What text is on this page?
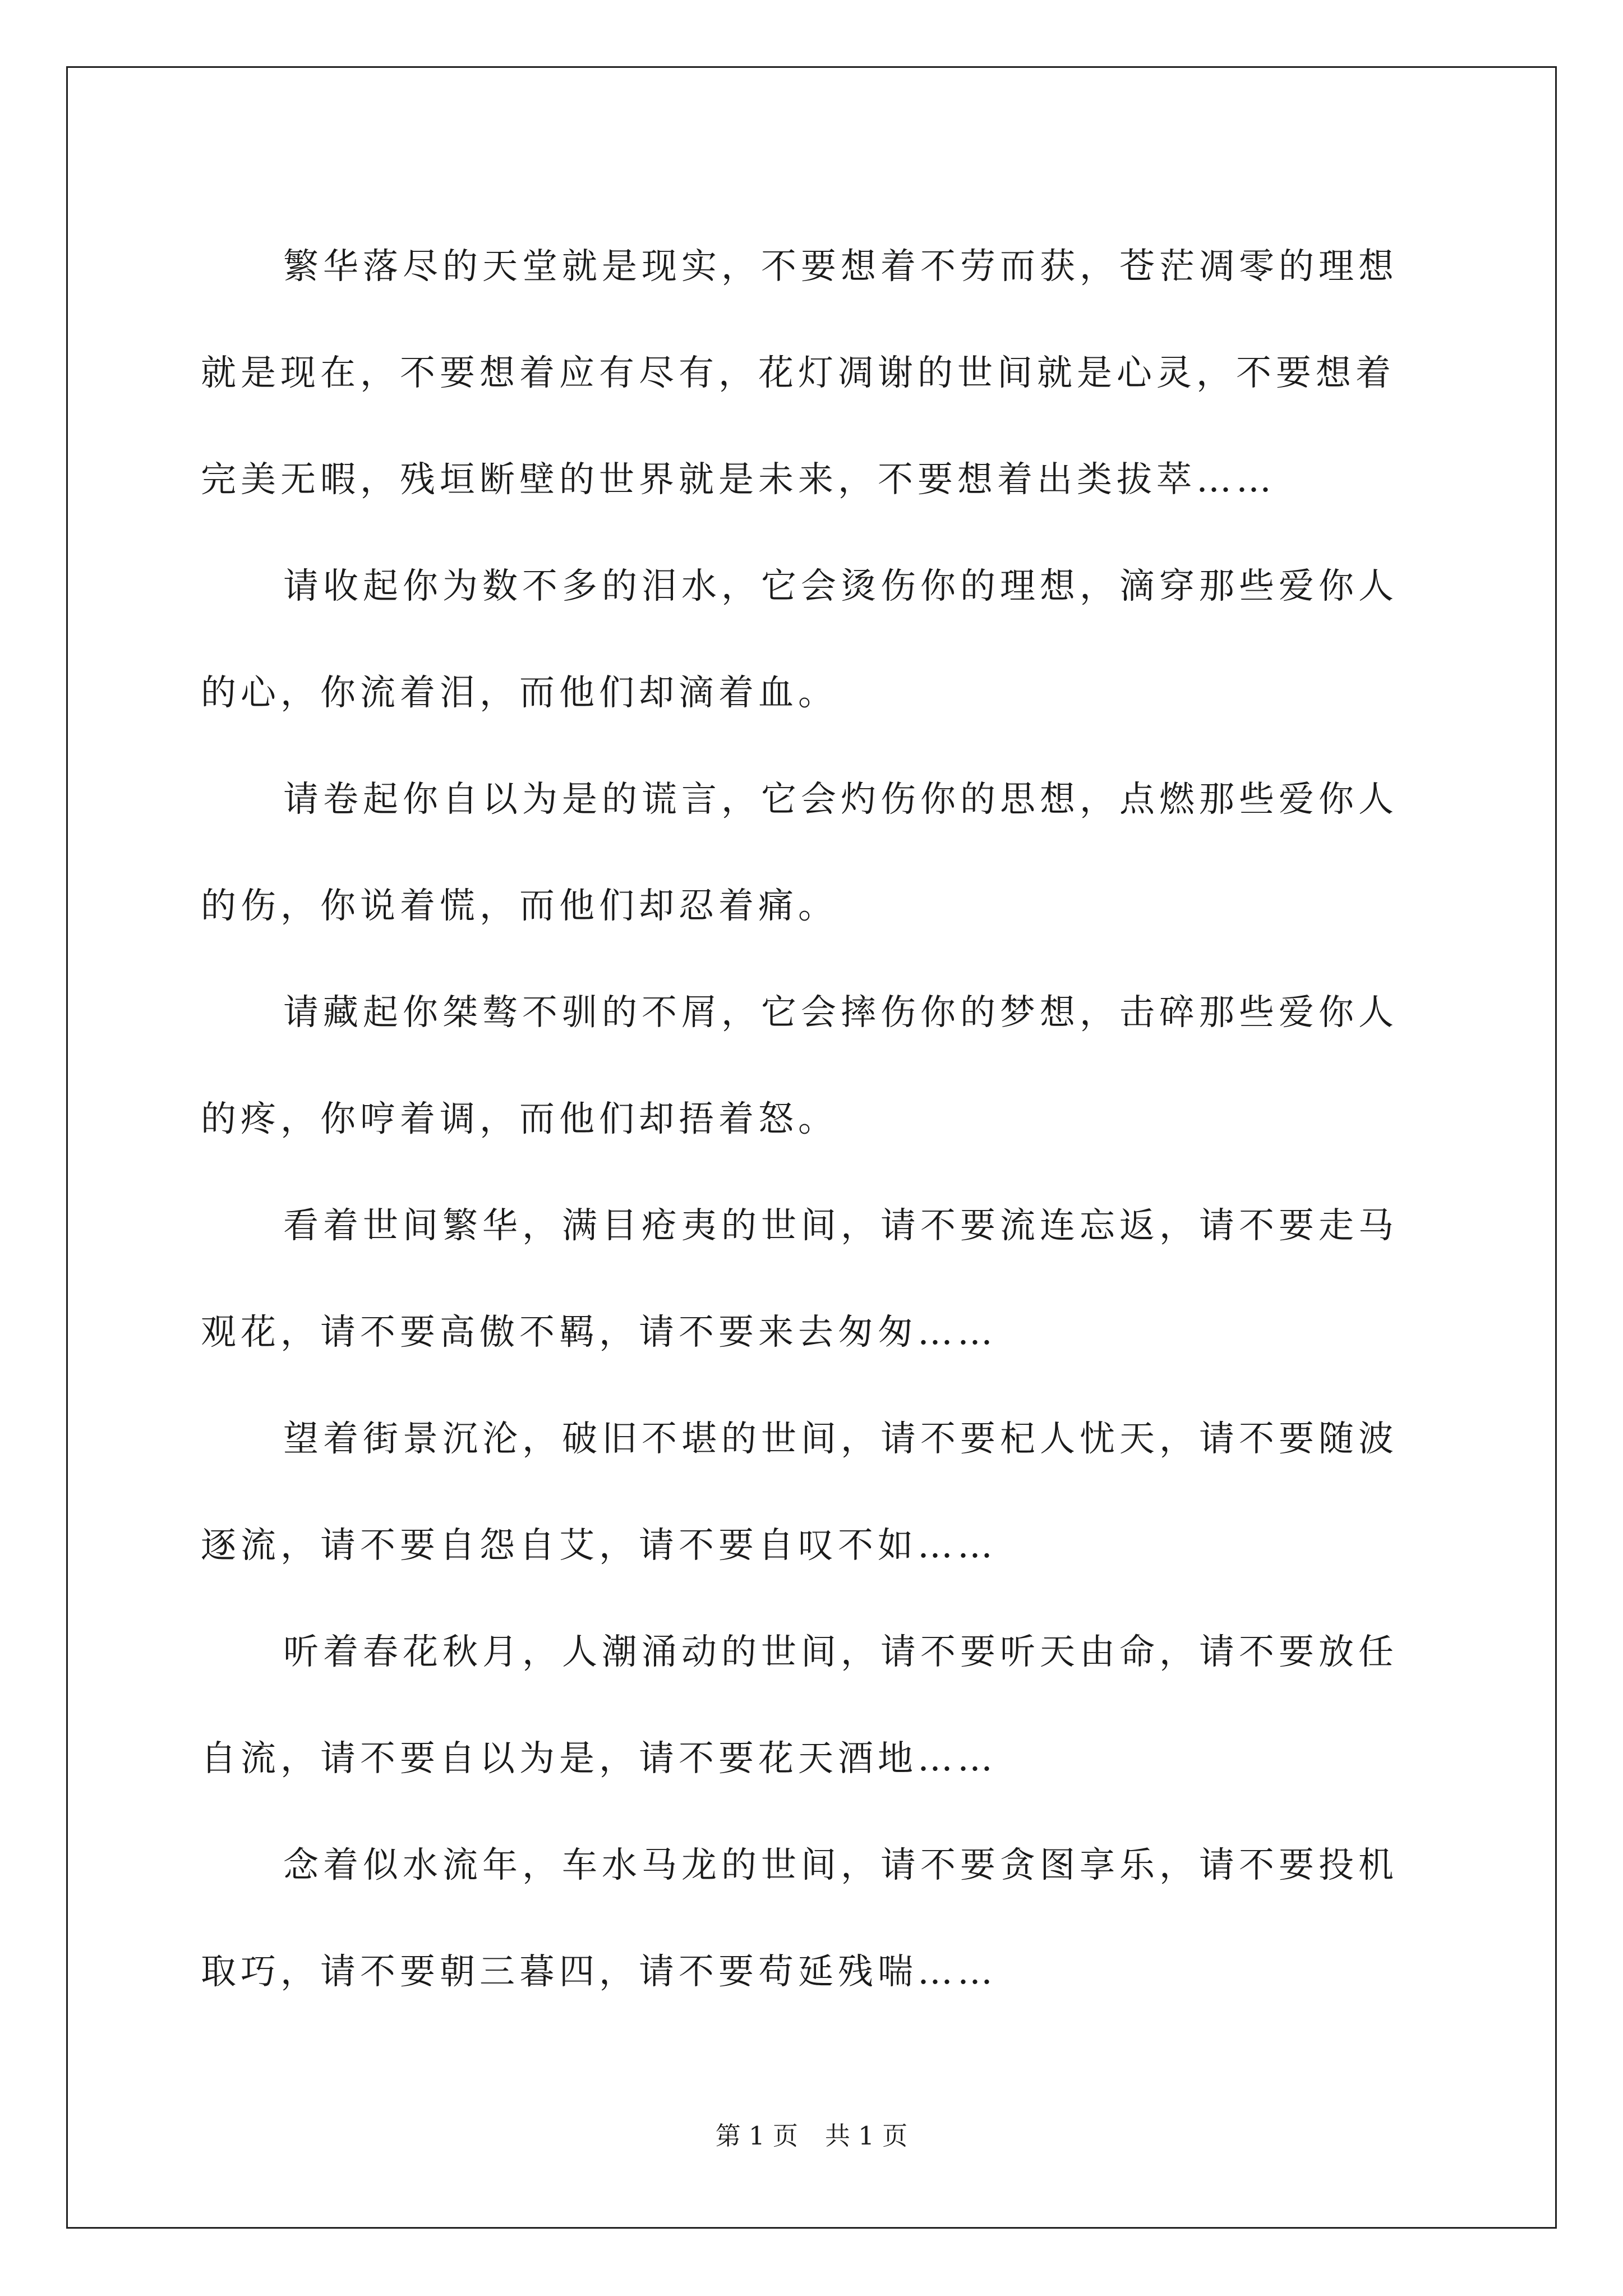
繁华落尽的天堂就是现实，不要想着不劳而获，苍茫凋零的理想就是现在，不要想着应有尽有，花灯凋谢的世间就是心灵，不要想着完美无暇，残垣断壁的世界就是未来，不要想着出类拔萃……

请收起你为数不多的泪水，它会烫伤你的理想，滴穿那些爱你人的心，你流着泪，而他们却滴着血。

请卷起你自以为是的谎言，它会灼伤你的思想，点燃那些爱你人的伤，你说着慌，而他们却忍着痛。

请藏起你桀骜不驯的不屑，它会摔伤你的梦想，击碎那些爱你人的疼，你哼着调，而他们却捂着怒。

看着世间繁华，满目疮夷的世间，请不要流连忘返，请不要走马观花，请不要高傲不羁，请不要来去匆匆……

望着街景沉沦，破旧不堪的世间，请不要杞人忧天，请不要随波逐流，请不要自怨自艾，请不要自叹不如……

听着春花秋月，人潮涌动的世间，请不要听天由命，请不要放任自流，请不要自以为是，请不要花天酒地……

念着似水流年，车水马龙的世间，请不要贪图享乐，请不要投机取巧，请不要朝三暮四，请不要苟延残喘……

第 1 页 共 1 页
